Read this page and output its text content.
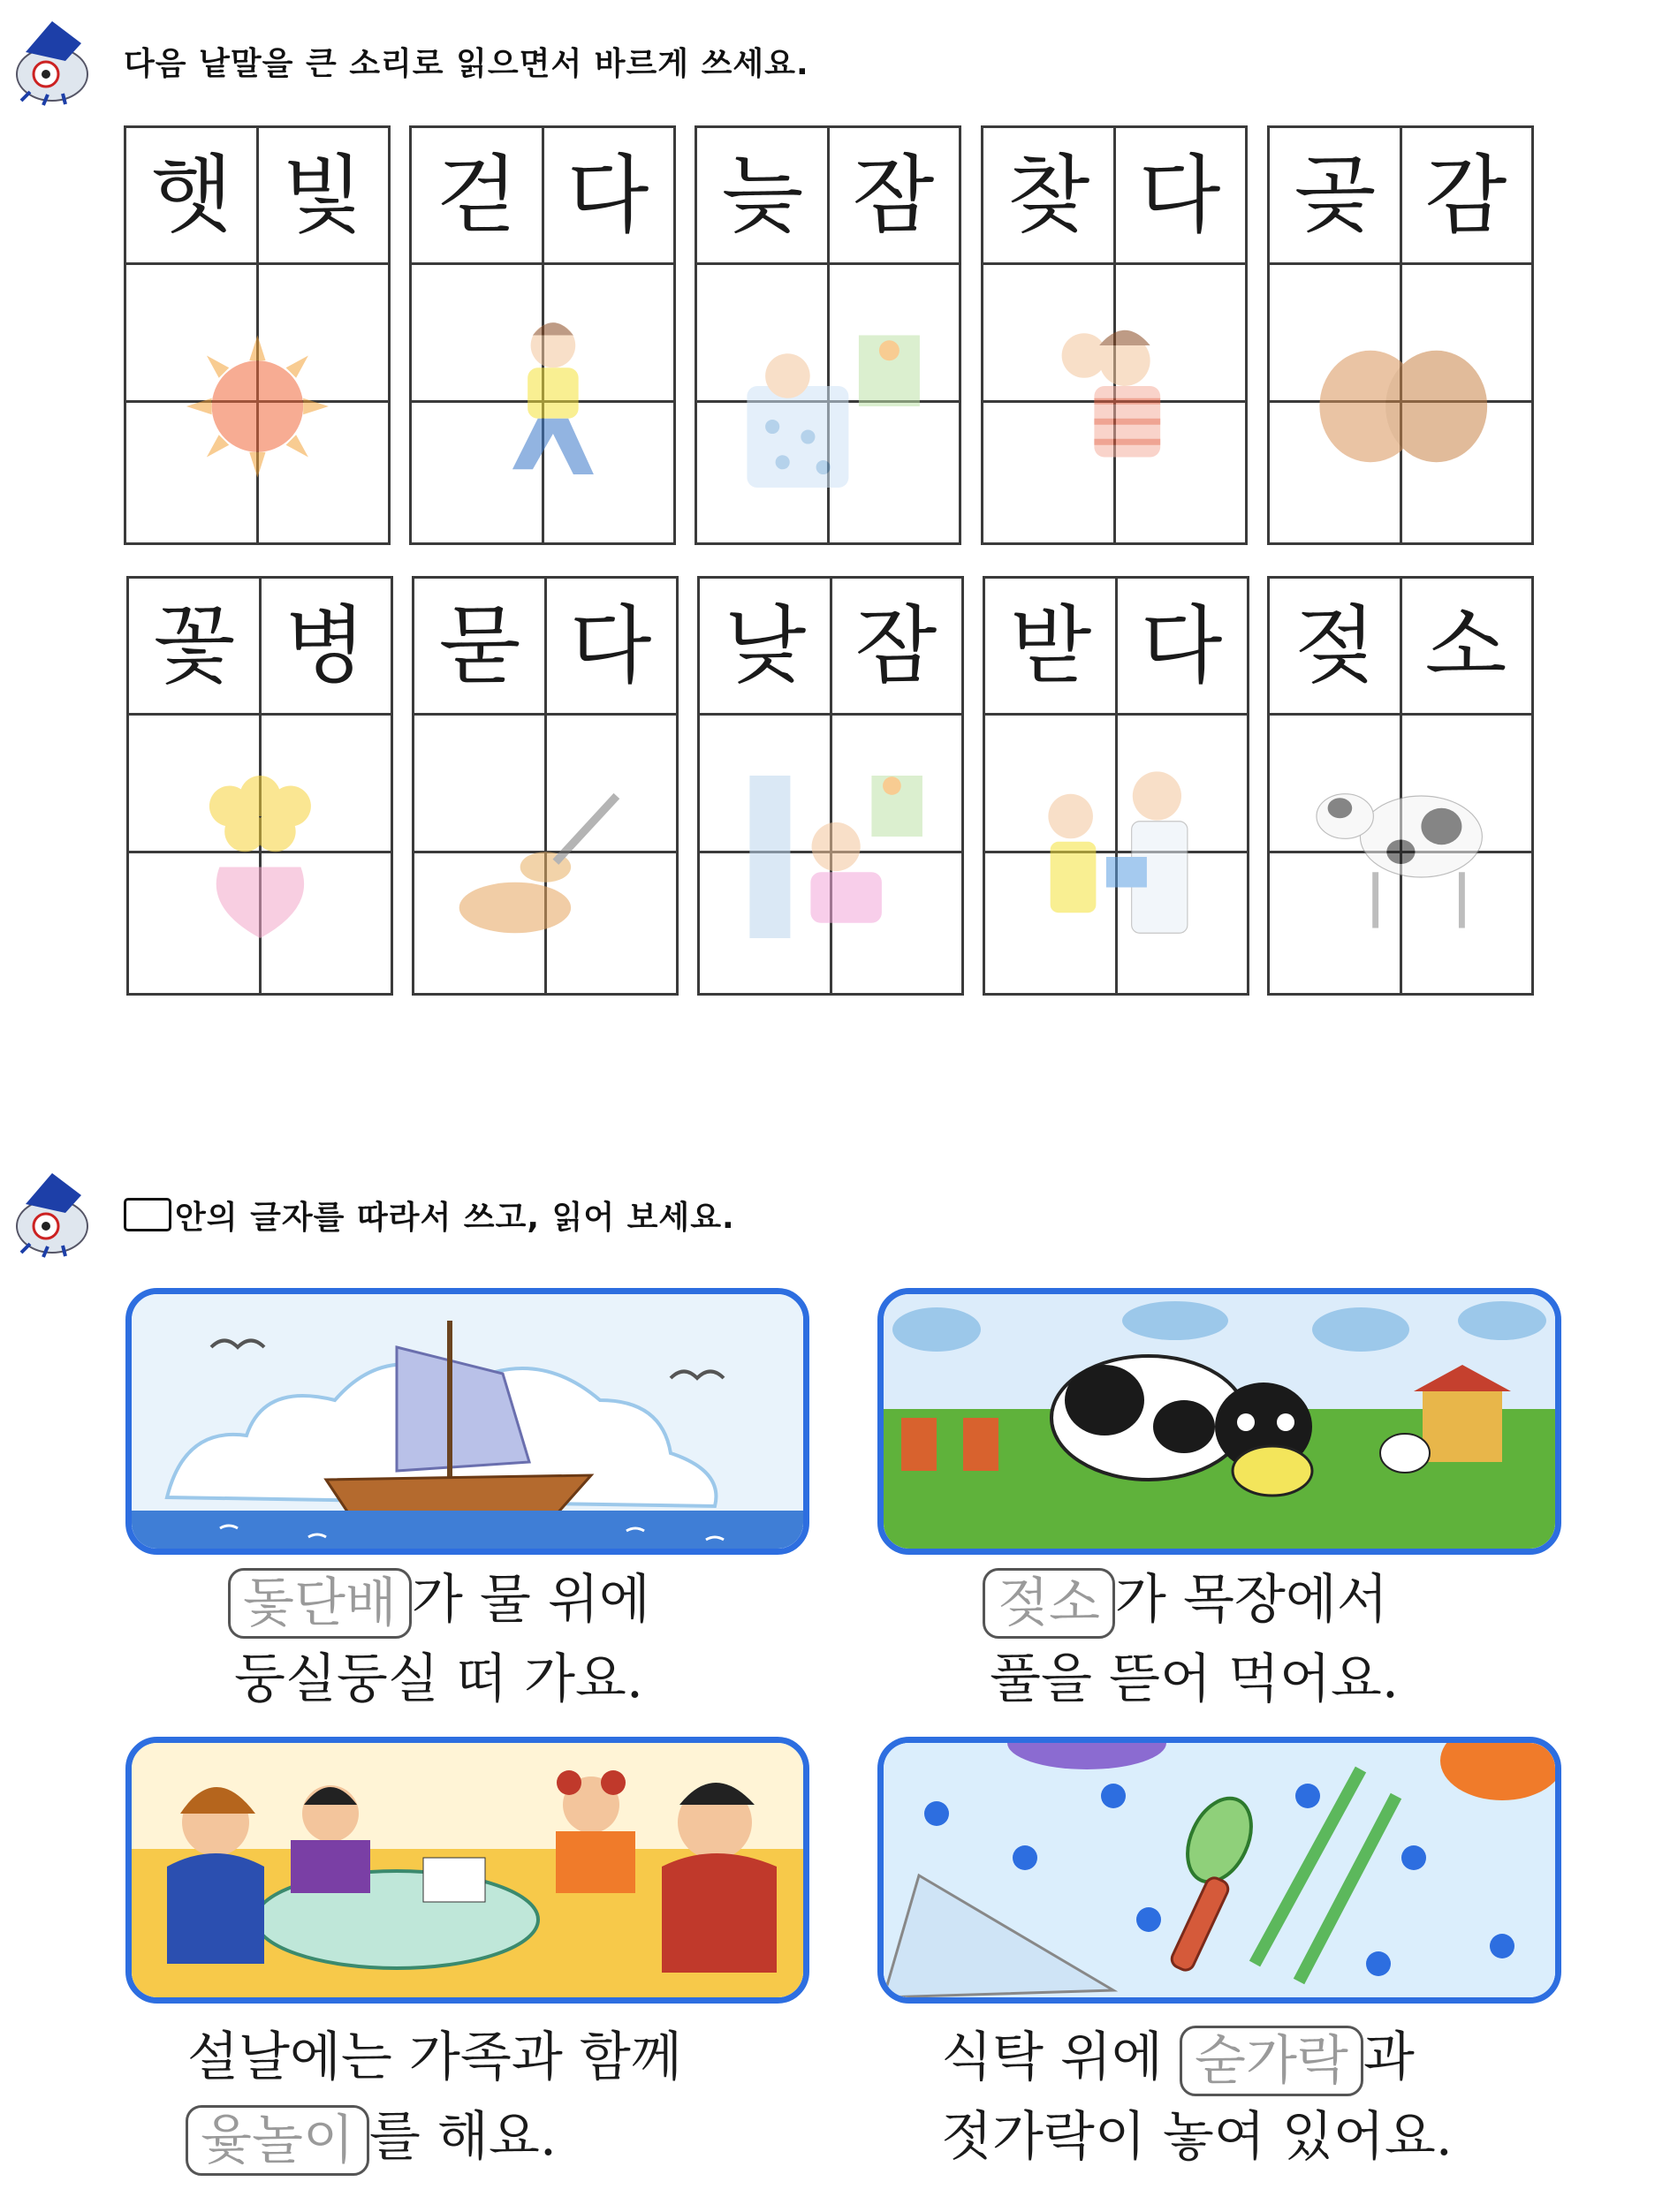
다음 낱말을 큰 소리로 읽으면서 바르게 쓰세요.
햇 빛 걷 다 늦 잠 찾 다 곶 감
꽃 병 묻 다 낮 잠 받 다 젖 소
안의 글자를 따라서 쓰고, 읽어 보세요.
돛단배 가 물 위에
둥실둥실 떠 가요.
젖소 가 목장에서
풀을 뜯어 먹어요.
설날에는 가족과 함께
윷놀이 를 해요.
식탁 위에 숟가락 과
젓가락이 놓여 있어요.
